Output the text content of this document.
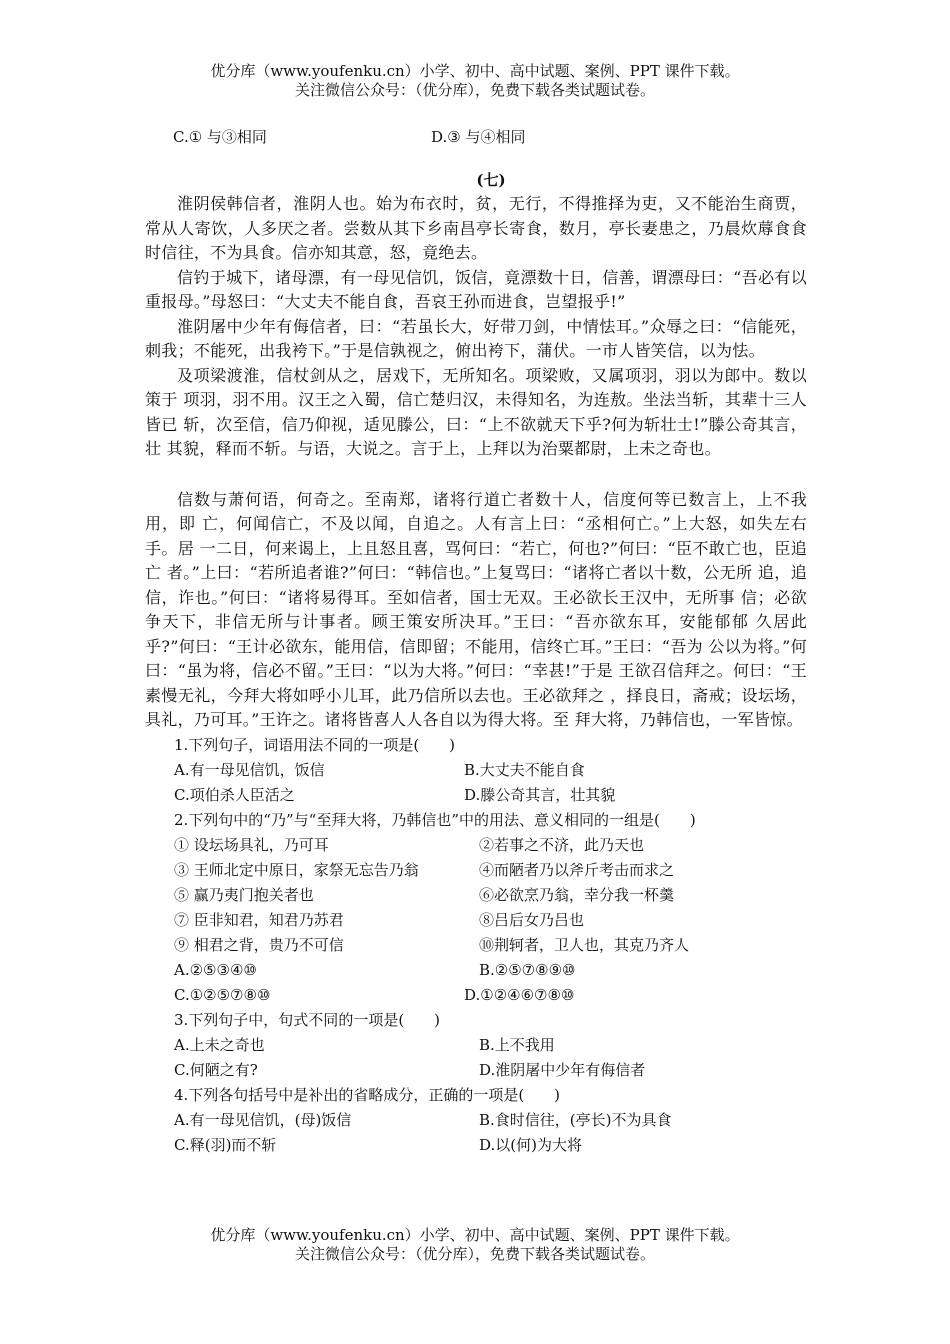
优分库（www.youfenku.cn）小学、初中、高中试题、案例、PPT 课件下载。
关注微信公众号：（优分库），免费下载各类试题试卷。
C.① 与③相同	D.③ 与④相同
(七)

淮阴侯韩信者，淮阴人也。始为布衣时，贫，无行，不得推择为吏，又不能治生商贾，常从人寄饮，人多厌之者。尝数从其下乡南昌亭长寄食，数月，亭长妻患之，乃晨炊蓐食食时信往，不为具食。信亦知其意，怒，竟绝去。

信钓于城下，诸母漂，有一母见信饥，饭信，竟漂数十日，信善，谓漂母曰：“吾必有以重报母。”母怒曰：“大丈夫不能自食，吾哀王孙而进食，岂望报乎!”

淮阴屠中少年有侮信者，曰：“若虽长大，好带刀剑，中情怯耳。”众辱之曰：“信能死， 刺我；不能死，出我袴下。”于是信孰视之，俯出袴下，蒲伏。一市人皆笑信，以为怯。

及项梁渡淮，信杖剑从之，居戏下，无所知名。项梁败，又属项羽，羽以为郎中。数以策于 项羽，羽不用。汉王之入蜀，信亡楚归汉，未得知名，为连敖。坐法当斩，其辈十三人皆已 斩，次至信，信乃仰视，适见滕公，曰：“上不欲就天下乎?何为斩壮士!”滕公奇其言，壮 其貌，释而不斩。与语，大说之。言于上，上拜以为治粟都尉，上未之奇也。

信数与萧何语，何奇之。至南郑，诸将行道亡者数十人，信度何等已数言上，上不我用，即 亡，何闻信亡，不及以闻，自追之。人有言上曰：“丞相何亡。”上大怒，如失左右手。居 一二日，何来谒上，上且怒且喜，骂何曰：“若亡，何也?”何曰：“臣不敢亡也，臣追亡 者。”上曰：“若所追者谁?”何曰：“韩信也。”上复骂曰：“诸将亡者以十数，公无所 追，追信，诈也。”何曰：“诸将易得耳。至如信者，国士无双。王必欲长王汉中，无所事 信；必欲争天下，非信无所与计事者。顾王策安所决耳。”王曰：“吾亦欲东耳，安能郁郁 久居此乎?”何曰：“王计必欲东，能用信，信即留；不能用，信终亡耳。”王曰：“吾为 公以为将。”何曰：“虽为将，信必不留。”王曰：“以为大将。”何曰：“幸甚!”于是 王欲召信拜之。何曰：“王素慢无礼，今拜大将如呼小儿耳，此乃信所以去也。王必欲拜之 ，择良日，斋戒；设坛场，具礼，乃可耳。”王许之。诸将皆喜人人各自以为得大将。至 拜大将，乃韩信也，一军皆惊。

1.下列句子，词语用法不同的一项是(　　)
A.有一母见信饥，饭信	B.大丈夫不能自食
C.项伯杀人臣活之	D.滕公奇其言，壮其貌
2.下列句中的“乃”与“至拜大将，乃韩信也”中的用法、意义相同的一组是(　　)
① 设坛场具礼，乃可耳	②若事之不济，此乃天也
③ 王师北定中原日，家祭无忘告乃翁	④而陋者乃以斧斤考击而求之
⑤ 赢乃夷门抱关者也	⑥必欲烹乃翁，幸分我一杯羹
⑦ 臣非知君，知君乃苏君	⑧吕后女乃吕也
⑨ 相君之背，贵乃不可信	⑩荆轲者，卫人也，其克乃齐人
A.②⑤③④⑩	B.②⑤⑦⑧⑨⑩
C.①②⑤⑦⑧⑩	D.①②④⑥⑦⑧⑩
3.下列句子中，句式不同的一项是(　　)
A.上未之奇也	B.上不我用
C.何陋之有?	D.淮阴屠中少年有侮信者
4.下列各句括号中是补出的省略成分，正确的一项是(　　)
A.有一母见信饥，(母)饭信	B.食时信往，(亭长)不为具食
C.释(羽)而不斩	D.以(何)为大将
优分库（www.youfenku.cn）小学、初中、高中试题、案例、PPT 课件下载。
关注微信公众号：（优分库），免费下载各类试题试卷。
